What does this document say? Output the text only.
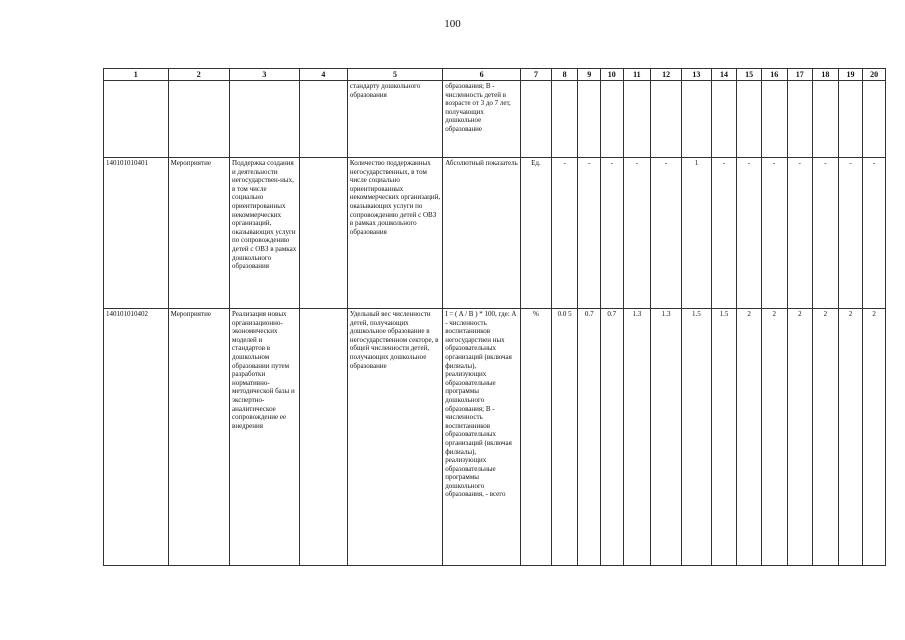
100
1	2	3	4	5	6	7	8	9	10	11	12	13	14	15	16	17	18	19	20
				стандарту дошкольного образования	образования; В - численность детей в возрасте от 3 до 7 лет, получающих дошкольное образование														
140101010401	Мероприятие	Поддержка создания и деятельности негосударствен-ных, в том числе социально ориентированных некоммерческих организаций, оказывающих услуги по сопровождению детей с ОВЗ в рамках дошкольного образования		Количество поддержанных негосударственных, в том числе социально ориентированных некоммерческих организаций, оказывающих услуги по сопровождению детей с ОВЗ в рамках дошкольного образования	Абсолютный показатель	Ед.	-	-	-	-	-	1	-	-	-	-	-	-	-
140101010402	Мероприятие	Реализация новых организационно-экономических моделей и стандартов в дошкольном образовании путем разработки нормативно-методической базы и экспертно-аналитическое сопровождение ее внедрения		Удельный вес численности детей, получающих дошкольное образование в негосударственном секторе, в общей численности детей, получающих дошкольное образование	I = ( A / B ) * 100, где: А - численность воспитанников негосударствен ных образовательных организаций (включая филиалы), реализующих образовательные программы дошкольного образования; В - численность воспитанников образовательных организаций (включая филиалы), реализующих образовательные программы дошкольного образования, - всего	%	0.0 5	0.7	0.7	1.3	1.3	1.5	1.5	2	2	2	2	2	2
